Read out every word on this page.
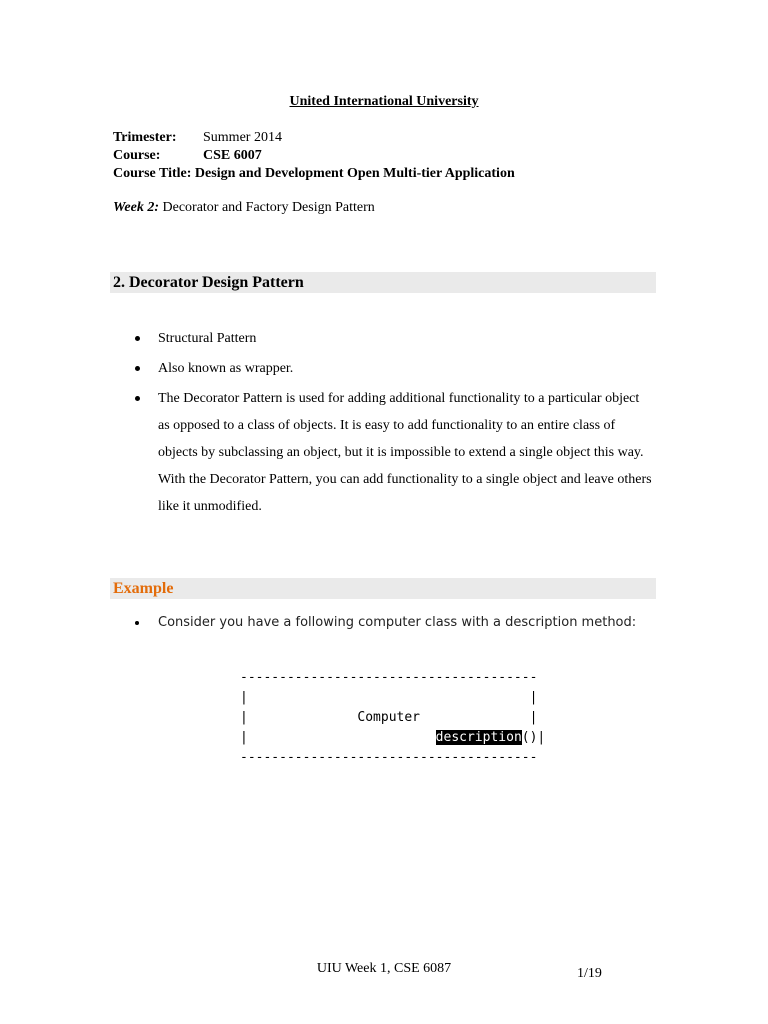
United International University
Trimester: Summer 2014
Course:	CSE 6007
Course Title: Design and Development Open Multi-tier Application
Week 2: Decorator and Factory Design Pattern
2. Decorator Design Pattern
Structural Pattern
Also known as wrapper.
The Decorator Pattern is used for adding additional functionality to a particular object as opposed to a class of objects. It is easy to add functionality to an entire class of objects by subclassing an object, but it is impossible to extend a single object this way. With the Decorator Pattern, you can add functionality to a single object and leave others like it unmodified.
Example
Consider you have a following computer class with a description method:
--------------------------------------
|                                    |
|              Computer              |
|                        description()|
--------------------------------------
UIU Week 1, CSE 6087	1/19
